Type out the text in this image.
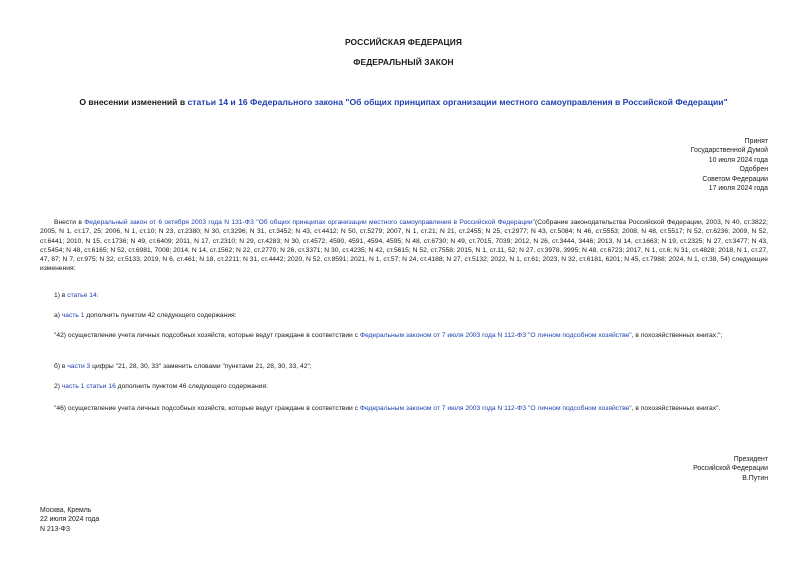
РОССИЙСКАЯ ФЕДЕРАЦИЯ
ФЕДЕРАЛЬНЫЙ ЗАКОН
О внесении изменений в статьи 14 и 16 Федерального закона "Об общих принципах организации местного самоуправления в Российской Федерации"
Принят
Государственной Думой
10 июля 2024 года
Одобрен
Советом Федерации
17 июля 2024 года
Внести в Федеральный закон от 6 октября 2003 года N 131-ФЗ "Об общих принципах организации местного самоуправления в Российской Федерации"(Собрание законодательства Российской Федерации, 2003, N 40, ст.3822; 2005, N 1, ст.17, 25; 2006, N 1, ст.10; N 23, ст.2380; N 30, ст.3296; N 31, ст.3452; N 43, ст.4412; N 50, ст.5279; 2007, N 1, ст.21; N 21, ст.2455; N 25, ст.2977; N 43, ст.5084; N 46, ст.5553; 2008, N 48, ст.5517; N 52, ст.6236; 2009, N 52, ст.6441; 2010, N 15, ст.1736; N 49, ст.6409; 2011, N 17, ст.2310; N 29, ст.4283; N 30, ст.4572, 4590, 4591, 4594, 4595; N 48, ст.6730; N 49, ст.7015, 7039; 2012, N 26, ст.3444, 3446; 2013, N 14, ст.1663; N 19, ст.2325; N 27, ст.3477; N 43, ст.5454; N 48, ст.6165; N 52, ст.6981, 7008; 2014, N 14, ст.1562; N 22, ст.2770; N 26, ст.3371; N 30, ст.4235; N 42, ст.5615; N 52, ст.7558; 2015, N 1, ст.11, 52; N 27, ст.3978, 3995; N 48, ст.6723; 2017, N 1, ст.6; N 31, ст.4828; 2018, N 1, ст.27, 47, 87; N 7, ст.975; N 32, ст.5133; 2019, N 6, ст.461; N 18, ст.2211; N 31, ст.4442; 2020, N 52, ст.8591; 2021, N 1, ст.57; N 24, ст.4188; N 27, ст.5132; 2022, N 1, ст.61; 2023, N 32, ст.6181, 6201; N 45, ст.7988; 2024, N 1, ст.38, 54) следующие изменения:
1) в статье 14:
а) часть 1 дополнить пунктом 42 следующего содержания:
"42) осуществление учета личных подсобных хозяйств, которые ведут граждане в соответствии с Федеральным законом от 7 июля 2003 года N 112-ФЗ "О личном подсобном хозяйстве", в похозяйственных книгах;";
б) в части 3 цифры "21, 28, 30, 33" заменить словами "пунктами 21, 28, 30, 33, 42";
2) часть 1 статьи 16 дополнить пунктом 46 следующего содержания:
"46) осуществление учета личных подсобных хозяйств, которые ведут граждане в соответствии с Федеральным законом от 7 июля 2003 года N 112-ФЗ "О личном подсобном хозяйстве", в похозяйственных книгах".
Президент
Российской Федерации
В.Путин
Москва, Кремль
22 июля 2024 года
N 213-ФЗ
